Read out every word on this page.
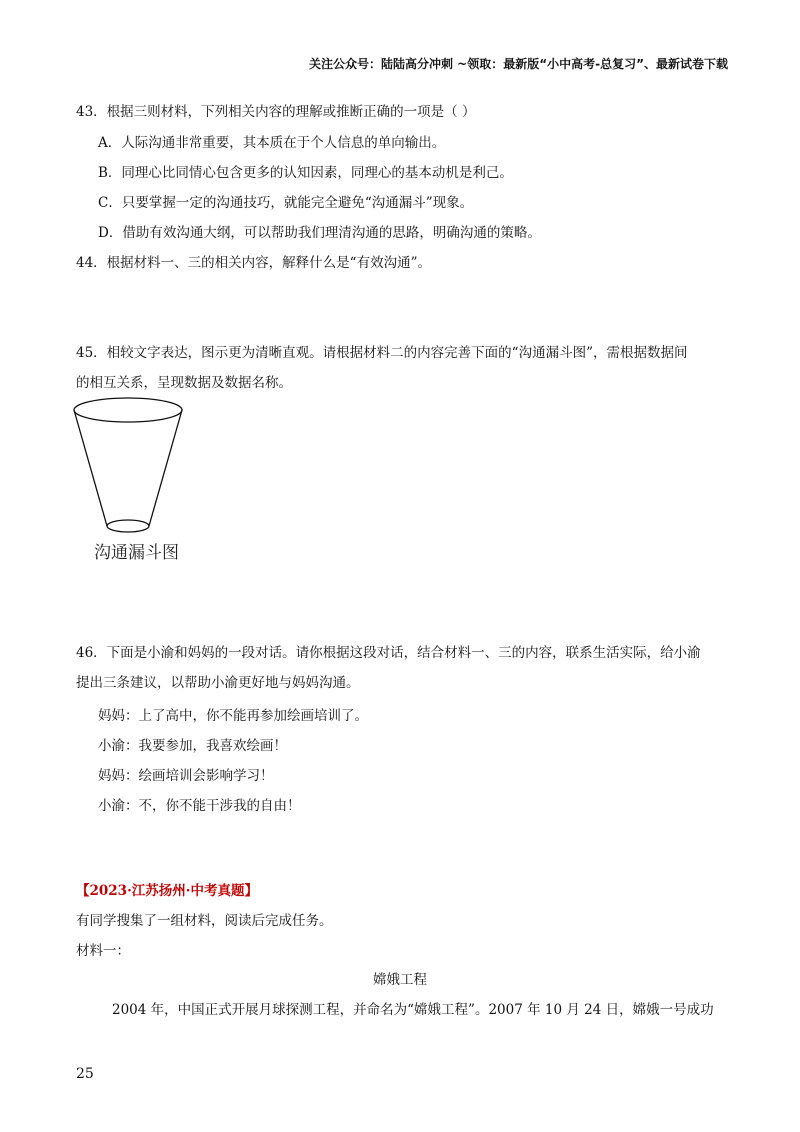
关注公众号：陆陆高分冲刺 ~领取：最新版“小中高考-总复习”、最新试卷下载
43．根据三则材料，下列相关内容的理解或推断正确的一项是（ ）
A．人际沟通非常重要，其本质在于个人信息的单向输出。
B．同理心比同情心包含更多的认知因素，同理心的基本动机是利己。
C．只要掌握一定的沟通技巧，就能完全避免“沟通漏斗”现象。
D．借助有效沟通大纲，可以帮助我们理清沟通的思路，明确沟通的策略。
44．根据材料一、三的相关内容，解释什么是“有效沟通”。
45．相较文字表达，图示更为清晰直观。请根据材料二的内容完善下面的“沟通漏斗图”，需根据数据间
的相互关系，呈现数据及数据名称。
沟通漏斗图
46．下面是小渝和妈妈的一段对话。请你根据这段对话，结合材料一、三的内容，联系生活实际，给小渝
提出三条建议，以帮助小渝更好地与妈妈沟通。
妈妈：上了高中，你不能再参加绘画培训了。
小渝：我要参加，我喜欢绘画！
妈妈：绘画培训会影响学习！
小渝：不，你不能干涉我的自由！
【2023·江苏扬州·中考真题】
有同学搜集了一组材料，阅读后完成任务。
材料一：
嫦娥工程
2004 年，中国正式开展月球探测工程，并命名为“嫦娥工程”。2007 年 10 月 24 日，嫦娥一号成功
25
